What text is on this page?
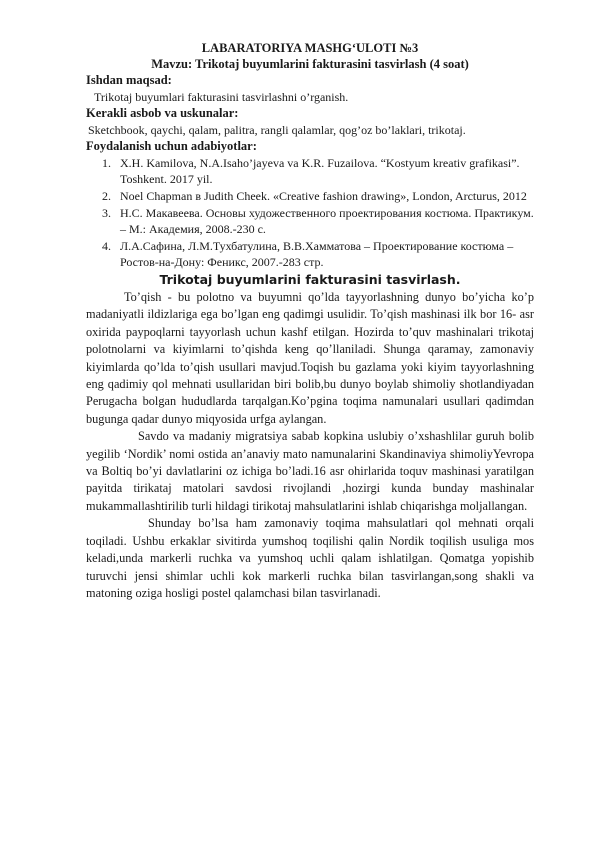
LABARATORIYA MASHG‘ULOTI №3
Mavzu: Trikotaj buyumlarini fakturasini tasvirlash (4 soat)
Ishdan maqsad:
Trikotaj buyumlari fakturasini tasvirlashni o’rganish.
Kerakli asbob va uskunalar:
Sketchbook, qaychi, qalam, palitra, rangli qalamlar, qog’oz bo’laklari, trikotaj.
Foydalanish uchun adabiyotlar:
1. X.H. Kamilova, N.A.Isaho’jayeva va K.R. Fuzailova. “Kostyum kreativ grafikasi”. Toshkent. 2017 yil.
2. Noel Chapman в Judith Cheek. «Creative fashion drawing», London, Arcturus, 2012
3. Н.С. Макавеева. Основы художественного проектирования костюма. Практикум. – М.: Академия, 2008.-230 с.
4. Л.А.Сафина, Л.М.Тухбатулина, В.В.Хамматова – Проектирование костюма – Ростов-на-Дону: Феникс, 2007.-283 стр.
Trikotaj buyumlarini fakturasini tasvirlash.

To’qish - bu polotno va buyumni qo’lda tayyorlashning dunyo bo’yicha ko’p madaniyatli ildizlariga ega bo’lgan eng qadimgi usulidir. To’qish mashinasi ilk bor 16- asr oxirida paypoqlarni tayyorlash uchun kashf etilgan. Hozirda to’quv mashinalari trikotaj polotnolarni va kiyimlarni to’qishda keng qo’llaniladi. Shunga qaramay, zamonaviy kiyimlarda qo’lda to’qish usullari mavjud.Toqish bu gazlama yoki kiyim tayyorlashning eng qadimiy qol mehnati usullaridan biri bolib,bu dunyo boylab shimoliy shotlandiyadan Perugacha bolgan hududlarda tarqalgan.Ko’pgina toqima namunalari usullari qadimdan bugunga qadar dunyo miqyosida urfga aylangan.

Savdo va madaniy migratsiya sabab kopkina uslubiy o’xshashlilar guruh bolib yegilib ‘Nordik’ nomi ostida an’anaviy mato namunalarini Skandinaviya shimoliyYevropa va Boltiq bo’yi davlatlarini oz ichiga bo’ladi.16 asr ohirlarida toquv mashinasi yaratilgan payitda tirikataj matolari savdosi rivojlandi ,hozirgi kunda bunday mashinalar mukammallashtirilib turli hildagi tirikotaj mahsulatlarini ishlab chiqarishga moljallangan.

Shunday bo’lsa ham zamonaviy toqima mahsulatlari qol mehnati orqali toqiladi. Ushbu erkaklar sivitirda yumshoq toqilishi qalin Nordik toqilish usuliga mos keladi,unda markerli ruchka va yumshoq uchli qalam ishlatilgan. Qomatga yopishib turuvchi jensi shimlar uchli kok markerli ruchka bilan tasvirlangan,song shakli va matoning oziga hosligi postel qalamchasi bilan tasvirlanadi.
